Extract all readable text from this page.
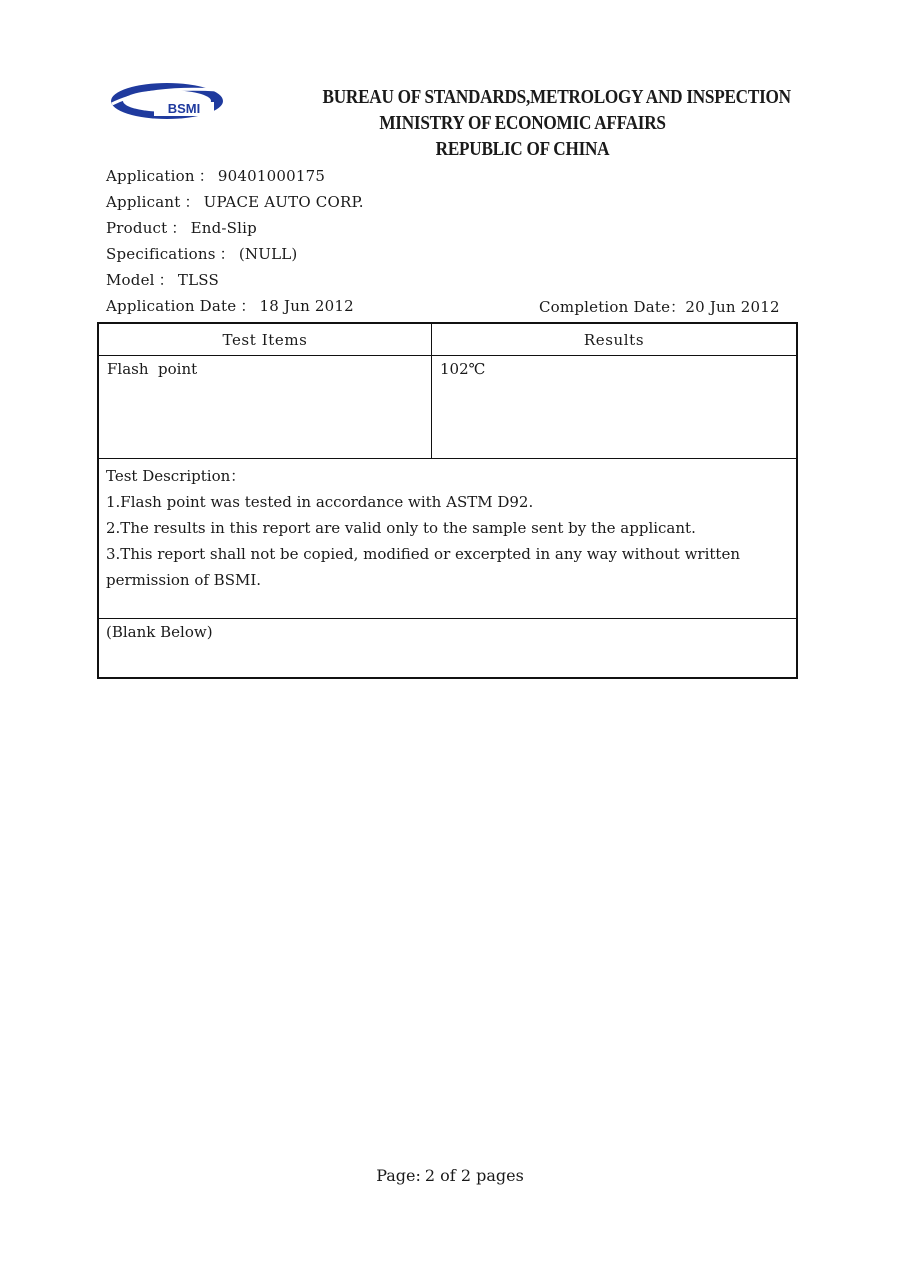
BSMI
BUREAU OF STANDARDS,METROLOGY AND INSPECTION
MINISTRY OF ECONOMIC AFFAIRS
REPUBLIC OF CHINA
Application ： 90401000175
Applicant ： UPACE AUTO CORP.
Product ： End-Slip
Specifications ： (NULL)
Model ： TLSS
Application Date ： 18 Jun 2012	Completion Date：20 Jun 2012
Test Items	Results
Flash  point	102℃

Test Description：
1.Flash point was tested in accordance with ASTM D92.
2.The results in this report are valid only to the sample sent by the applicant.
3.This report shall not be copied, modified or excerpted in any way without written
permission of BSMI.	

(Blank Below)	
Page: 2 of 2 pages
